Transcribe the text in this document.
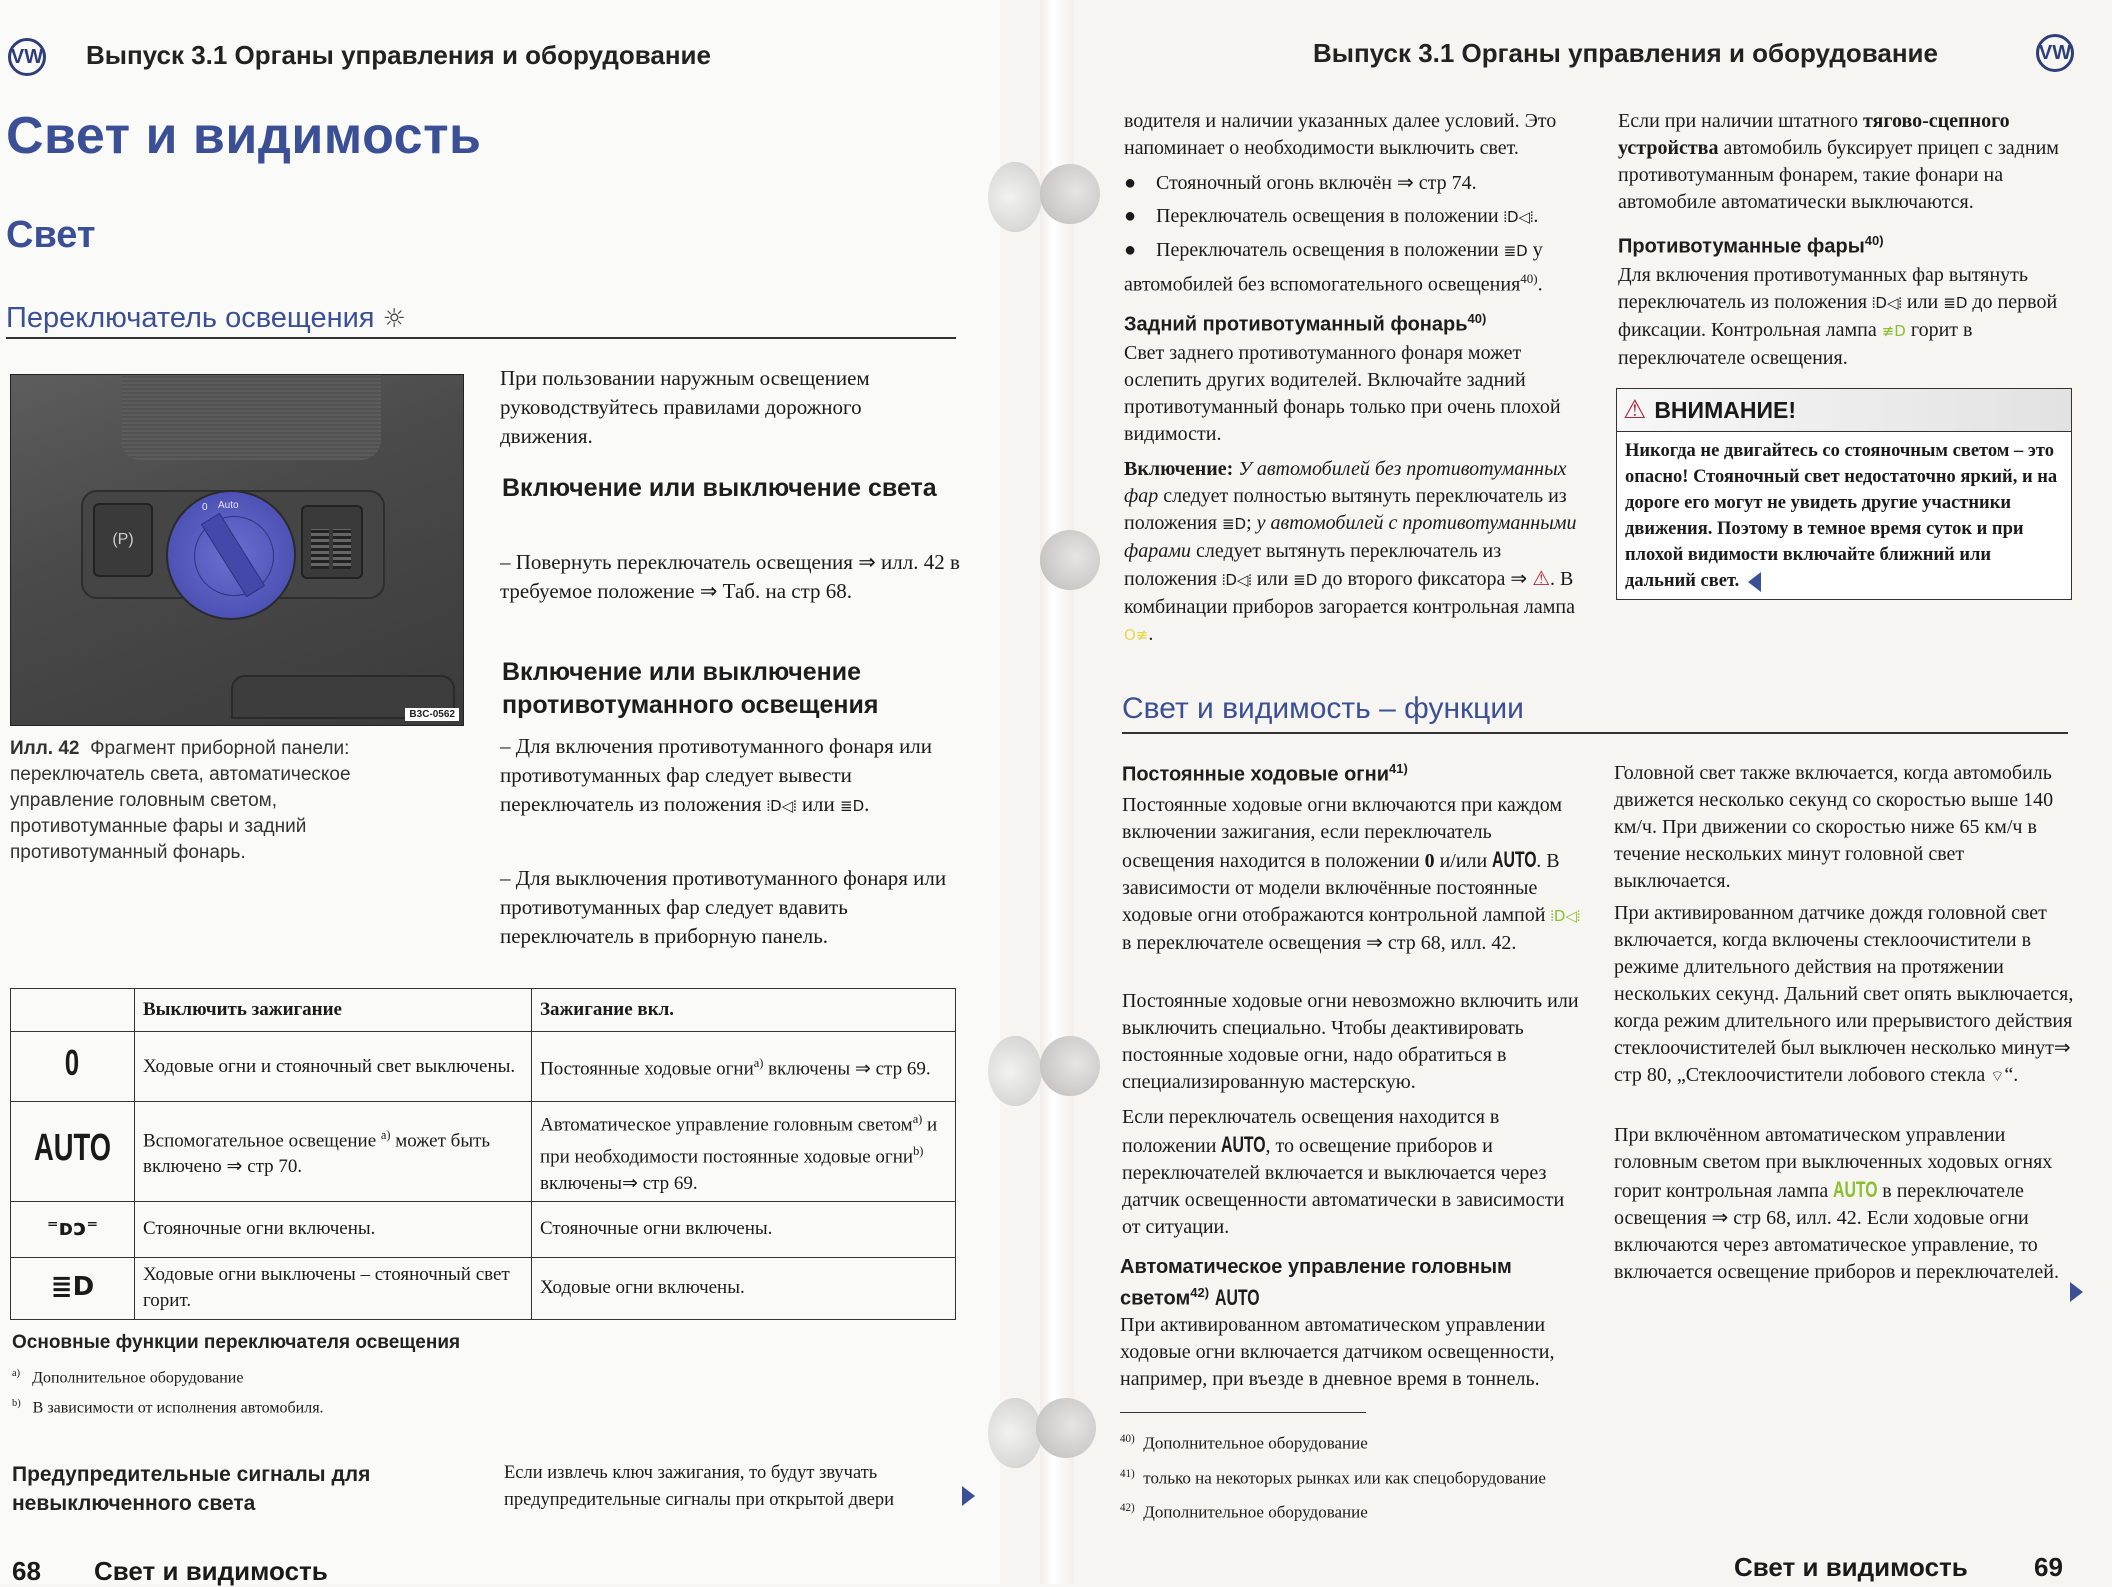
VW Выпуск 3.1 Органы управления и оборудование
Свет и видимость
Свет
Переключатель освещения ☼
(P)
0 Auto
B3C-0562
Илл. 42 Фрагмент приборной панели: переключатель света, автоматическое управление головным светом, противотуманные фары и задний противотуманный фонарь.
При пользовании наружным освещением руководствуйтесь правилами дорожного движения.
Включение или выключение света
– Повернуть переключатель освещения ⇒ илл. 42 в требуемое положение ⇒ Таб. на стр 68.
Включение или выключение противотуманного освещения
– Для включения противотуманного фонаря или противотуманных фар следует вывести переключатель из положения ⦙D◁⦙ или ≣D.
– Для выключения противотуманного фонаря или противотуманных фар следует вдавить переключатель в приборную панель.
	Выключить зажигание	Зажигание вкл.
0	Ходовые огни и стояночный свет выключены.	Постоянные ходовые огни$^{a)}$ включены ⇒ стр 69.
AUTO	Вспомогательное освещение $^{a)}$ может быть включено ⇒ стр 70.	Автоматическое управление головным светом$^{a)}$ и при необходимости постоянные ходовые огни$^{b)}$ включены⇒ стр 69.
⁼ᴅᴐ⁼	Стояночные огни включены.	Стояночные огни включены.
≣D	Ходовые огни выключены – стояночный свет горит.	Ходовые огни включены.
Основные функции переключателя освещения
$^{a)}$ Дополнительное оборудование
$^{b)}$ В зависимости от исполнения автомобиля.
Предупредительные сигналы для невыключенного света
Если извлечь ключ зажигания, то будут звучать предупредительные сигналы при открытой двери
68 Свет и видимость
Выпуск 3.1 Органы управления и оборудование	VW
водителя и наличии указанных далее условий. Это напоминает о необходимости выключить свет.
● Стояночный огонь включён ⇒ стр 74.
● Переключатель освещения в положении ⦙D◁⦙.
● Переключатель освещения в положении ≣D у автомобилей без вспомогательного освещения$^{40)}$.
Задний противотуманный фонарь$^{40)}$
Свет заднего противотуманного фонаря может ослепить других водителей. Включайте задний противотуманный фонарь только при очень плохой видимости.
Включение: У автомобилей без противотуманных фар следует полностью вытянуть переключатель из положения ≣D; у автомобилей с противотуманными фарами следует вытянуть переключатель из положения ⦙D◁⦙ или ≣D до второго фиксатора ⇒ ⚠. В комбинации приборов загорается контрольная лампа O≢.
Если при наличии штатного тягово-сцепного устройства автомобиль буксирует прицеп с задним противотуманным фонарем, такие фонари на автомобиле автоматически выключаются.
Противотуманные фары$^{40)}$
Для включения противотуманных фар вытянуть переключатель из положения ⦙D◁⦙ или ≣D до первой фиксации. Контрольная лампа ≢D горит в переключателе освещения.
⚠ ВНИМАНИЕ!
Никогда не двигайтесь со стояночным светом – это опасно! Стояночный свет недостаточно яркий, и на дороге его могут не увидеть другие участники движения. Поэтому в темное время суток и при плохой видимости включайте ближний или дальний свет.
Свет и видимость – функции
Постоянные ходовые огни$^{41)}$
Постоянные ходовые огни включаются при каждом включении зажигания, если переключатель освещения находится в положении 0 и/или AUTO. В зависимости от модели включённые постоянные ходовые огни отображаются контрольной лампой ⦙D◁⦙ в переключателе освещения ⇒ стр 68, илл. 42.
Постоянные ходовые огни невозможно включить или выключить специально. Чтобы деактивировать постоянные ходовые огни, надо обратиться в специализированную мастерскую.
Если переключатель освещения находится в положении AUTO, то освещение приборов и переключателей включается и выключается через датчик освещенности автоматически в зависимости от ситуации.
Автоматическое управление головным светом$^{42)}$ AUTO
При активированном автоматическом управлении ходовые огни включается датчиком освещенности, например, при въезде в дневное время в тоннель.
$^{40)}$ Дополнительное оборудование
$^{41)}$ только на некоторых рынках или как спецоборудование
$^{42)}$ Дополнительное оборудование
Головной свет также включается, когда автомобиль движется несколько секунд со скоростью выше 140 км/ч. При движении со скоростью ниже 65 км/ч в течение нескольких минут головной свет выключается.
При активированном датчике дождя головной свет включается, когда включены стеклоочистители в режиме длительного действия на протяжении нескольких секунд. Дальний свет опять выключается, когда режим длительного или прерывистого действия стеклоочистителей был выключен несколько минут⇒ стр 80, „Стеклоочистители лобового стекла ⌔“.
При включённом автоматическом управлении головным светом при выключенных ходовых огнях горит контрольная лампа AUTO в переключателе освещения ⇒ стр 68, илл. 42. Если ходовые огни включаются через автоматическое управление, то включается освещение приборов и переключателей.
Свет и видимость	69
